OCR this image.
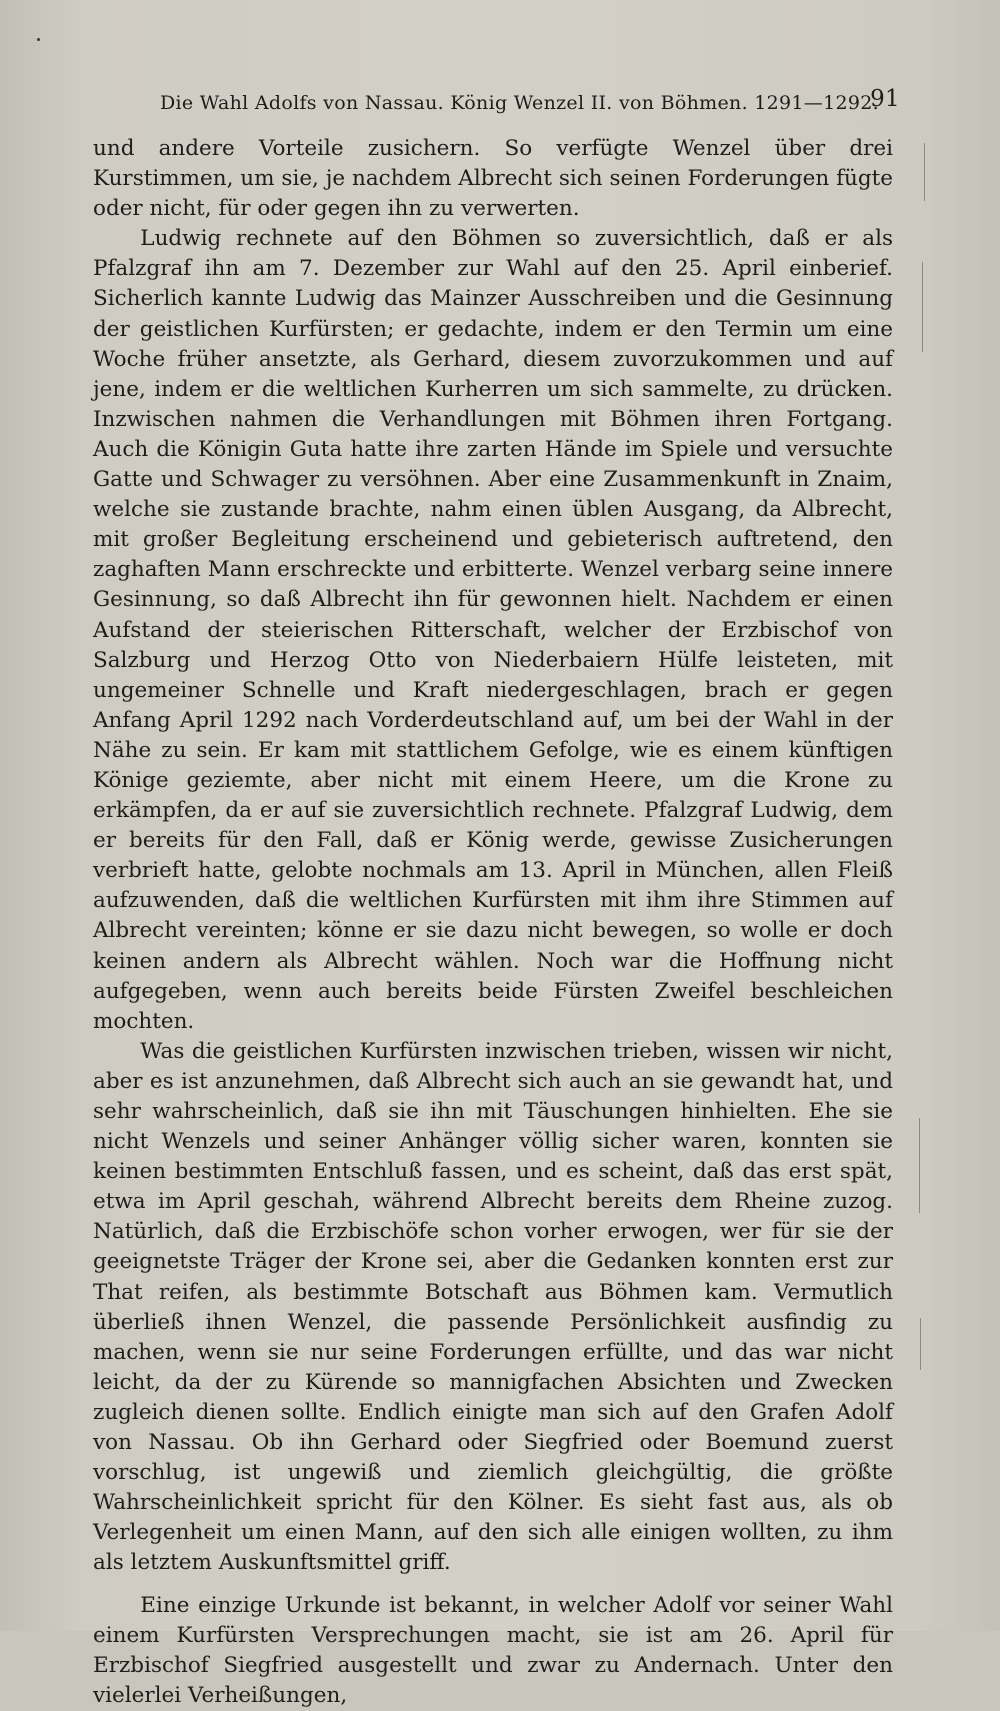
Die Wahl Adolfs von Nassau. König Wenzel II. von Böhmen. 1291—1292.
91

und andere Vorteile zusichern. So verfügte Wenzel über drei Kurstimmen, um sie, je nachdem Albrecht sich seinen Forderungen fügte oder nicht, für oder gegen ihn zu verwerten.

Ludwig rechnete auf den Böhmen so zuversichtlich, daß er als Pfalzgraf ihn am 7. Dezember zur Wahl auf den 25. April einberief. Sicherlich kannte Ludwig das Mainzer Ausschreiben und die Gesinnung der geistlichen Kurfürsten; er gedachte, indem er den Termin um eine Woche früher ansetzte, als Gerhard, diesem zuvorzukommen und auf jene, indem er die weltlichen Kurherren um sich sammelte, zu drücken. Inzwischen nahmen die Verhandlungen mit Böhmen ihren Fortgang. Auch die Königin Guta hatte ihre zarten Hände im Spiele und versuchte Gatte und Schwager zu versöhnen. Aber eine Zusammenkunft in Znaim, welche sie zustande brachte, nahm einen üblen Ausgang, da Albrecht, mit großer Begleitung erscheinend und gebieterisch auftretend, den zaghaften Mann erschreckte und erbitterte. Wenzel verbarg seine innere Gesinnung, so daß Albrecht ihn für gewonnen hielt. Nachdem er einen Aufstand der steierischen Ritterschaft, welcher der Erzbischof von Salzburg und Herzog Otto von Niederbaiern Hülfe leisteten, mit ungemeiner Schnelle und Kraft niedergeschlagen, brach er gegen Anfang April 1292 nach Vorderdeutschland auf, um bei der Wahl in der Nähe zu sein. Er kam mit stattlichem Gefolge, wie es einem künftigen Könige geziemte, aber nicht mit einem Heere, um die Krone zu erkämpfen, da er auf sie zuversichtlich rechnete. Pfalzgraf Ludwig, dem er bereits für den Fall, daß er König werde, gewisse Zusicherungen verbrieft hatte, gelobte nochmals am 13. April in München, allen Fleiß aufzuwenden, daß die weltlichen Kurfürsten mit ihm ihre Stimmen auf Albrecht vereinten; könne er sie dazu nicht bewegen, so wolle er doch keinen andern als Albrecht wählen. Noch war die Hoffnung nicht aufgegeben, wenn auch bereits beide Fürsten Zweifel beschleichen mochten.

Was die geistlichen Kurfürsten inzwischen trieben, wissen wir nicht, aber es ist anzunehmen, daß Albrecht sich auch an sie gewandt hat, und sehr wahrscheinlich, daß sie ihn mit Täuschungen hinhielten. Ehe sie nicht Wenzels und seiner Anhänger völlig sicher waren, konnten sie keinen bestimmten Entschluß fassen, und es scheint, daß das erst spät, etwa im April geschah, während Albrecht bereits dem Rheine zuzog. Natürlich, daß die Erzbischöfe schon vorher erwogen, wer für sie der geeignetste Träger der Krone sei, aber die Gedanken konnten erst zur That reifen, als bestimmte Botschaft aus Böhmen kam. Vermutlich überließ ihnen Wenzel, die passende Persönlichkeit ausfindig zu machen, wenn sie nur seine Forderungen erfüllte, und das war nicht leicht, da der zu Kürende so mannigfachen Absichten und Zwecken zugleich dienen sollte. Endlich einigte man sich auf den Grafen Adolf von Nassau. Ob ihn Gerhard oder Siegfried oder Boemund zuerst vorschlug, ist ungewiß und ziemlich gleichgültig, die größte Wahrscheinlichkeit spricht für den Kölner. Es sieht fast aus, als ob Verlegenheit um einen Mann, auf den sich alle einigen wollten, zu ihm als letztem Auskunftsmittel griff.

Eine einzige Urkunde ist bekannt, in welcher Adolf vor seiner Wahl einem Kurfürsten Versprechungen macht, sie ist am 26. April für Erzbischof Siegfried ausgestellt und zwar zu Andernach. Unter den vielerlei Verheißungen,
